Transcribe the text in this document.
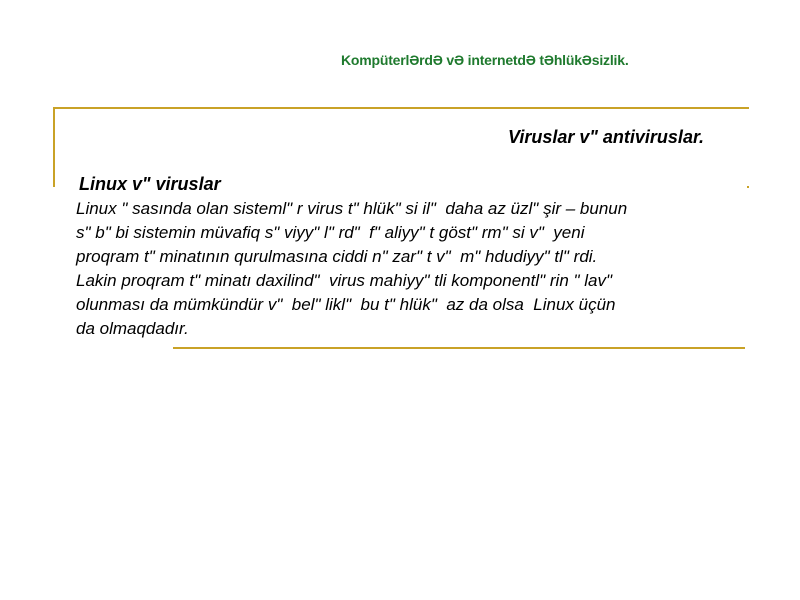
KompüterlƏrdƏ vƏ internetdƏ tƏhlükƏsizlik.
Viruslar v" antiviruslar.
Linux v" viruslar
Linux " sasında olan sisteml" r virus t" hlük" si il"  daha az üzl" şir – bunun
s" b" bi sistemin müvafiq s" viyy" l" rd"  f" aliyy" t göst" rm" si v"  yeni
proqram t" minatının qurulmasına ciddi n" zar" t v"  m" hdudiyy" tl" rdi.
Lakin proqram t" minatı daxilind"  virus mahiyy" tli komponentl" rin " lav"
olunması da mümkündür v"  bel" likl"  bu t" hlük"  az da olsa  Linux üçün
da olmaqdadır.
